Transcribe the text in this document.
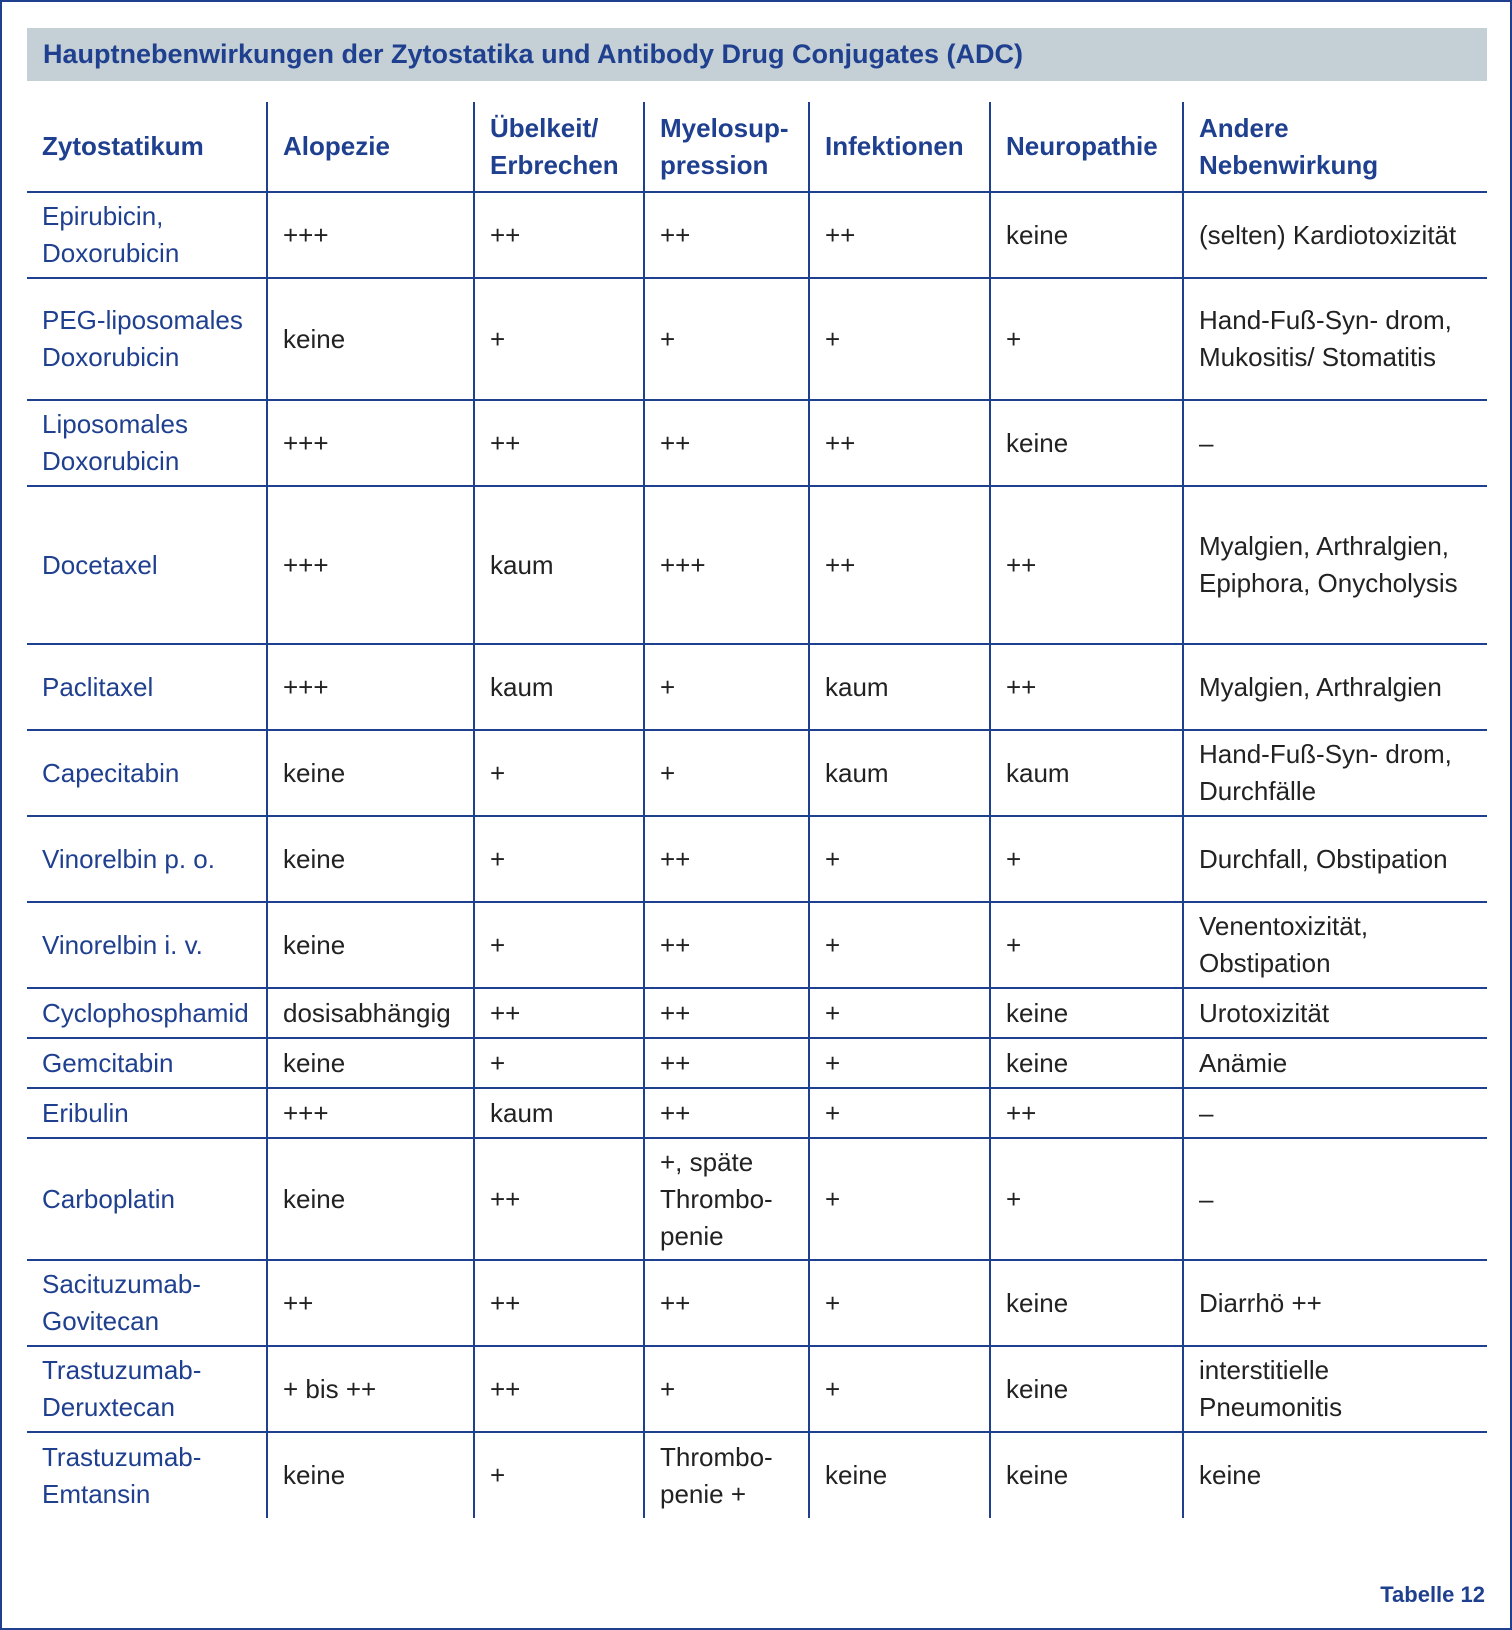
Hauptnebenwirkungen der Zytostatika und Antibody Drug Conjugates (ADC)
Zytostatikum	Alopezie	Übelkeit/ Erbrechen	Myelosup- pression	Infektionen	Neuropathie	Andere Nebenwirkung
Epirubicin, Doxorubicin	+++	++	++	++	keine	(selten) Kardiotoxizität
PEG-liposomales Doxorubicin	keine	+	+	+	+	Hand-Fuß-Syn- drom, Mukositis/ Stomatitis
Liposomales Doxorubicin	+++	++	++	++	keine	–
Docetaxel	+++	kaum	+++	++	++	Myalgien, Arthralgien, Epiphora, Onycholysis
Paclitaxel	+++	kaum	+	kaum	++	Myalgien, Arthralgien
Capecitabin	keine	+	+	kaum	kaum	Hand-Fuß-Syn- drom, Durchfälle
Vinorelbin p. o.	keine	+	++	+	+	Durchfall, Obstipation
Vinorelbin i. v.	keine	+	++	+	+	Venentoxizität, Obstipation
Cyclophosphamid	dosisabhängig	++	++	+	keine	Urotoxizität
Gemcitabin	keine	+	++	+	keine	Anämie
Eribulin	+++	kaum	++	+	++	–
Carboplatin	keine	++	+, späte Thrombo- penie	+	+	–
Sacituzumab- Govitecan	++	++	++	+	keine	Diarrhö ++
Trastuzumab- Deruxtecan	+ bis ++	++	+	+	keine	interstitielle Pneumonitis
Trastuzumab- Emtansin	keine	+	Thrombo- penie +	keine	keine	keine
Tabelle 12
